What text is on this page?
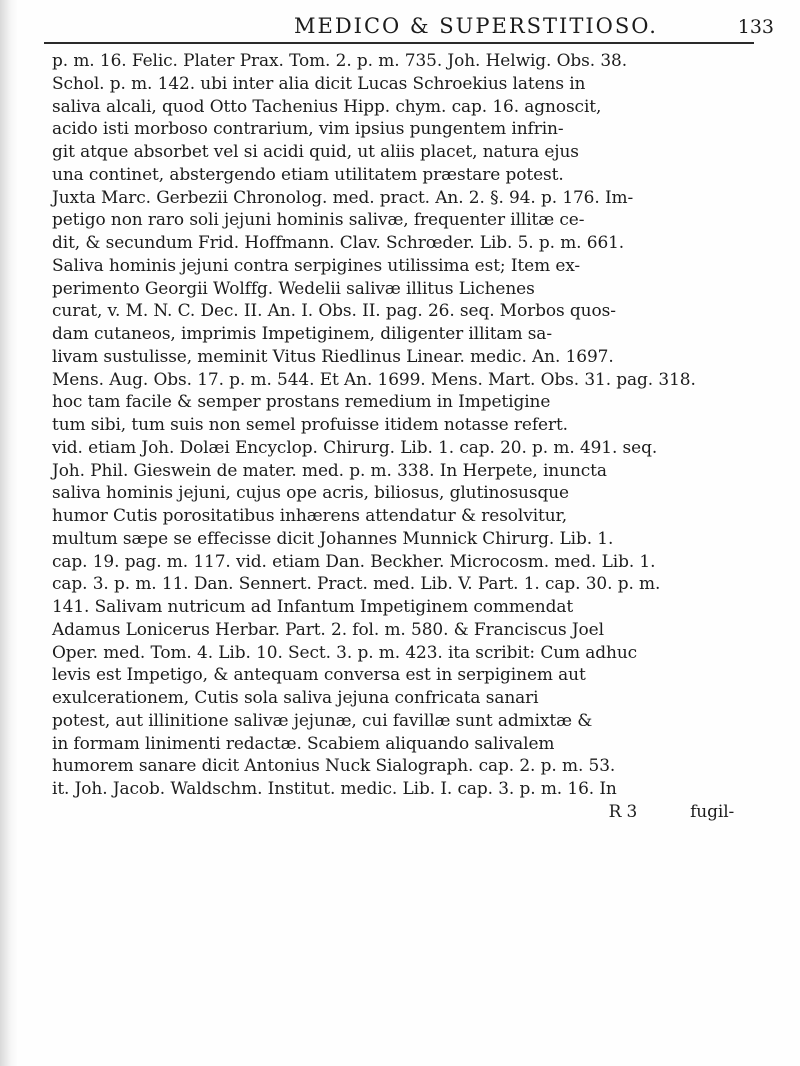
MEDICO & SUPERSTITIOSO.	133
p. m. 16. Felic. Plater Prax. Tom. 2. p. m. 735. Joh. Helwig. Obs. 38.
Schol. p. m. 142. ubi inter alia dicit Lucas Schroekius latens in
saliva alcali, quod Otto Tachenius Hipp. chym. cap. 16. agnoscit,
acido isti morboso contrarium, vim ipsius pungentem infrin-
git atque absorbet vel si acidi quid, ut aliis placet, natura ejus
una continet, abstergendo etiam utilitatem præstare potest.
Juxta Marc. Gerbezii Chronolog. med. pract. An. 2. §. 94. p. 176. Im-
petigo non raro soli jejuni hominis salivæ, frequenter illitæ ce-
dit, & secundum Frid. Hoffmann. Clav. Schrœder. Lib. 5. p. m. 661.
Saliva hominis jejuni contra serpigines utilissima est; Item ex-
perimento Georgii Wolffg. Wedelii salivæ illitus Lichenes
curat, v. M. N. C. Dec. II. An. I. Obs. II. pag. 26. seq. Morbos quos-
dam cutaneos, imprimis Impetiginem, diligenter illitam sa-
livam sustulisse, meminit Vitus Riedlinus Linear. medic. An. 1697.
Mens. Aug. Obs. 17. p. m. 544. Et An. 1699. Mens. Mart. Obs. 31. pag. 318.
hoc tam facile & semper prostans remedium in Impetigine
tum sibi, tum suis non semel profuisse itidem notasse refert.
vid. etiam Joh. Dolæi Encyclop. Chirurg. Lib. 1. cap. 20. p. m. 491. seq.
Joh. Phil. Gieswein de mater. med. p. m. 338. In Herpete, inuncta
saliva hominis jejuni, cujus ope acris, biliosus, glutinosusque
humor Cutis porositatibus inhærens attendatur & resolvitur,
multum sæpe se effecisse dicit Johannes Munnick Chirurg. Lib. 1.
cap. 19. pag. m. 117. vid. etiam Dan. Beckher. Microcosm. med. Lib. 1.
cap. 3. p. m. 11. Dan. Sennert. Pract. med. Lib. V. Part. 1. cap. 30. p. m.
141. Salivam nutricum ad Infantum Impetiginem commendat
Adamus Lonicerus Herbar. Part. 2. fol. m. 580. & Franciscus Joel
Oper. med. Tom. 4. Lib. 10. Sect. 3. p. m. 423. ita scribit: Cum adhuc
levis est Impetigo, & antequam conversa est in serpiginem aut
exulcerationem, Cutis sola saliva jejuna confricata sanari
potest, aut illinitione salivæ jejunæ, cui favillæ sunt admixtæ &
in formam linimenti redactæ. Scabiem aliquando salivalem
humorem sanare dicit Antonius Nuck Sialograph. cap. 2. p. m. 53.
it. Joh. Jacob. Waldschm. Institut. medic. Lib. I. cap. 3. p. m. 16. In
R 3          fugil-
